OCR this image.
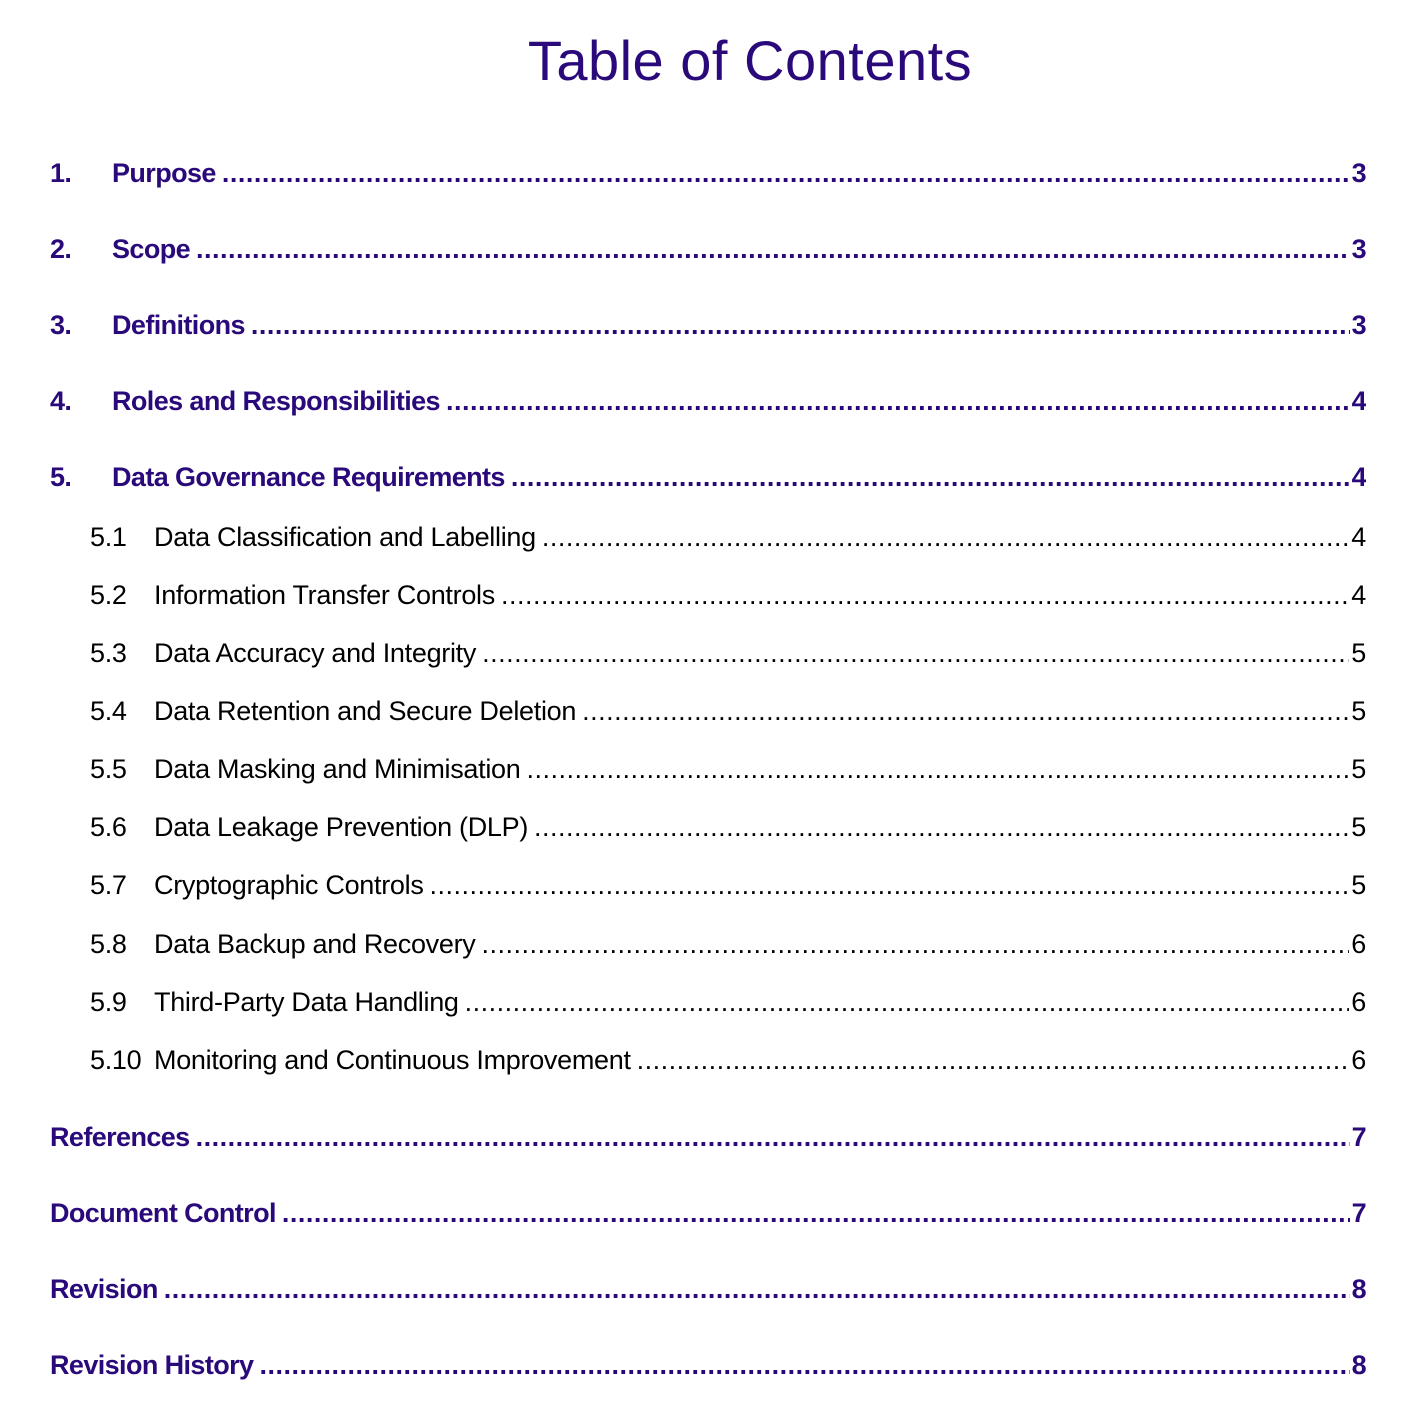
Table of Contents
1.	Purpose .....	3
2.	Scope .....	3
3.	Definitions .....	3
4.	Roles and Responsibilities .....	4
5.	Data Governance Requirements .....	4
5.1	Data Classification and Labelling .....	4
5.2	Information Transfer Controls .....	4
5.3	Data Accuracy and Integrity .....	5
5.4	Data Retention and Secure Deletion .....	5
5.5	Data Masking and Minimisation .....	5
5.6	Data Leakage Prevention (DLP) .....	5
5.7	Cryptographic Controls .....	5
5.8	Data Backup and Recovery .....	6
5.9	Third-Party Data Handling .....	6
5.10 Monitoring and Continuous Improvement .....	6
References .....	7
Document Control .....	7
Revision .....	8
Revision History .....	8
